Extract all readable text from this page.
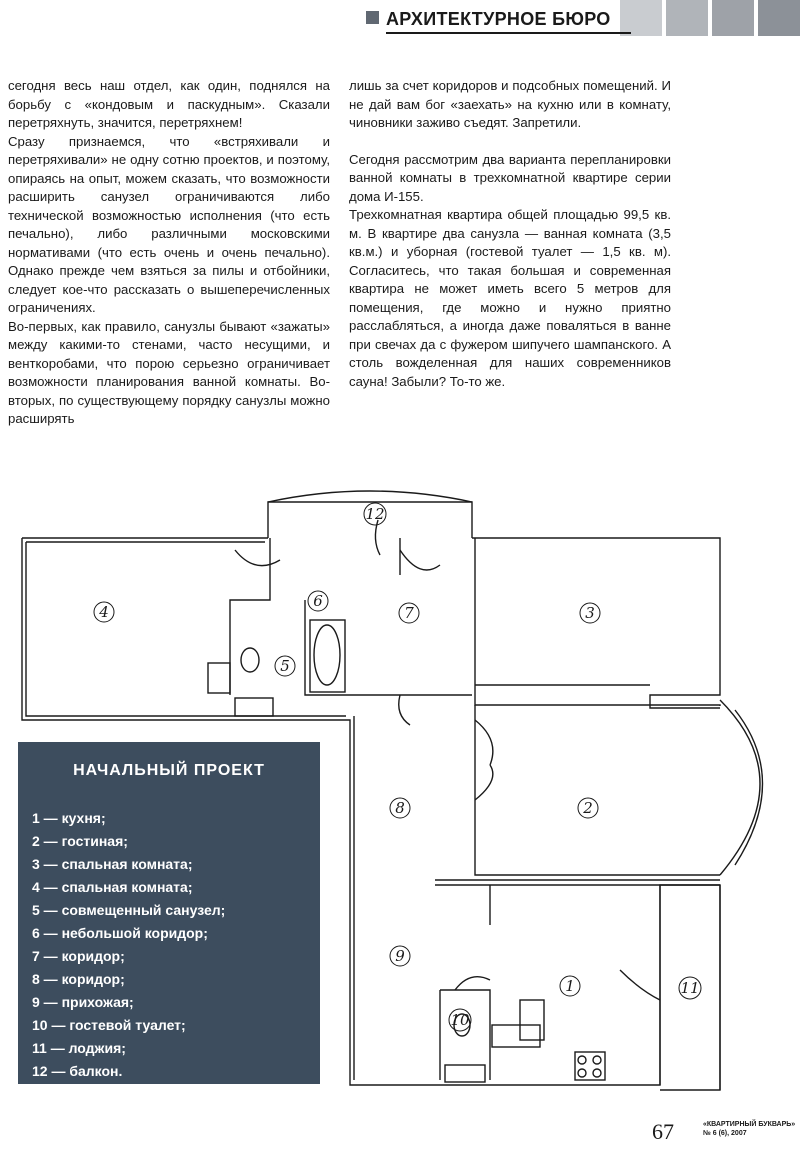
АРХИТЕКТУРНОЕ БЮРО

сегодня весь наш отдел, как один, поднялся на борьбу с «кондовым и паскудным». Сказали перетряхнуть, значится, перетряхнем!

Сразу признаемся, что «встряхивали и перетряхивали» не одну сотню проектов, и поэтому, опираясь на опыт, можем сказать, что возможности расширить санузел ограничиваются либо технической возможностью исполнения (что есть печально), либо различными московскими нормативами (что есть очень и очень печально). Однако прежде чем взяться за пилы и отбойники, следует кое-что рассказать о вышеперечисленных ограничениях.

Во-первых, как правило, санузлы бывают «зажаты» между какими-то стенами, часто несущими, и венткоробами, что порою серьезно ограничивает возможности планирования ванной комнаты. Во-вторых, по существующему порядку санузлы можно расширять

лишь за счет коридоров и подсобных помещений. И не дай вам бог «заехать» на кухню или в комнату, чиновники заживо съедят. Запретили.

Сегодня рассмотрим два варианта перепланировки ванной комнаты в трехкомнатной квартире серии дома И-155.

Трехкомнатная квартира общей площадью 99,5 кв. м. В квартире два санузла — ванная комната (3,5 кв.м.) и уборная (гостевой туалет — 1,5 кв. м). Согласитесь, что такая большая и современная квартира не может иметь всего 5 метров для помещения, где можно и нужно приятно расслабляться, а иногда даже поваляться в ванне при свечах да с фужером шипучего шампанского. А столь вожделенная для наших современников сауна! Забыли? То-то же.

4
6
7	3
5
12
8	2
9
1	11
10
НАЧАЛЬНЫЙ ПРОЕКТ
1 — кухня;
2 — гостиная;
3 — спальная комната;
4 — спальная комната;
5 — совмещенный санузел;
6 — небольшой коридор;
7 — коридор;
8 — коридор;
9 — прихожая;
10 — гостевой туалет;
11 — лоджия;
12 — балкон.
67	«КВАРТИРНЫЙ БУКВАРЬ»
№ 6 (6), 2007
